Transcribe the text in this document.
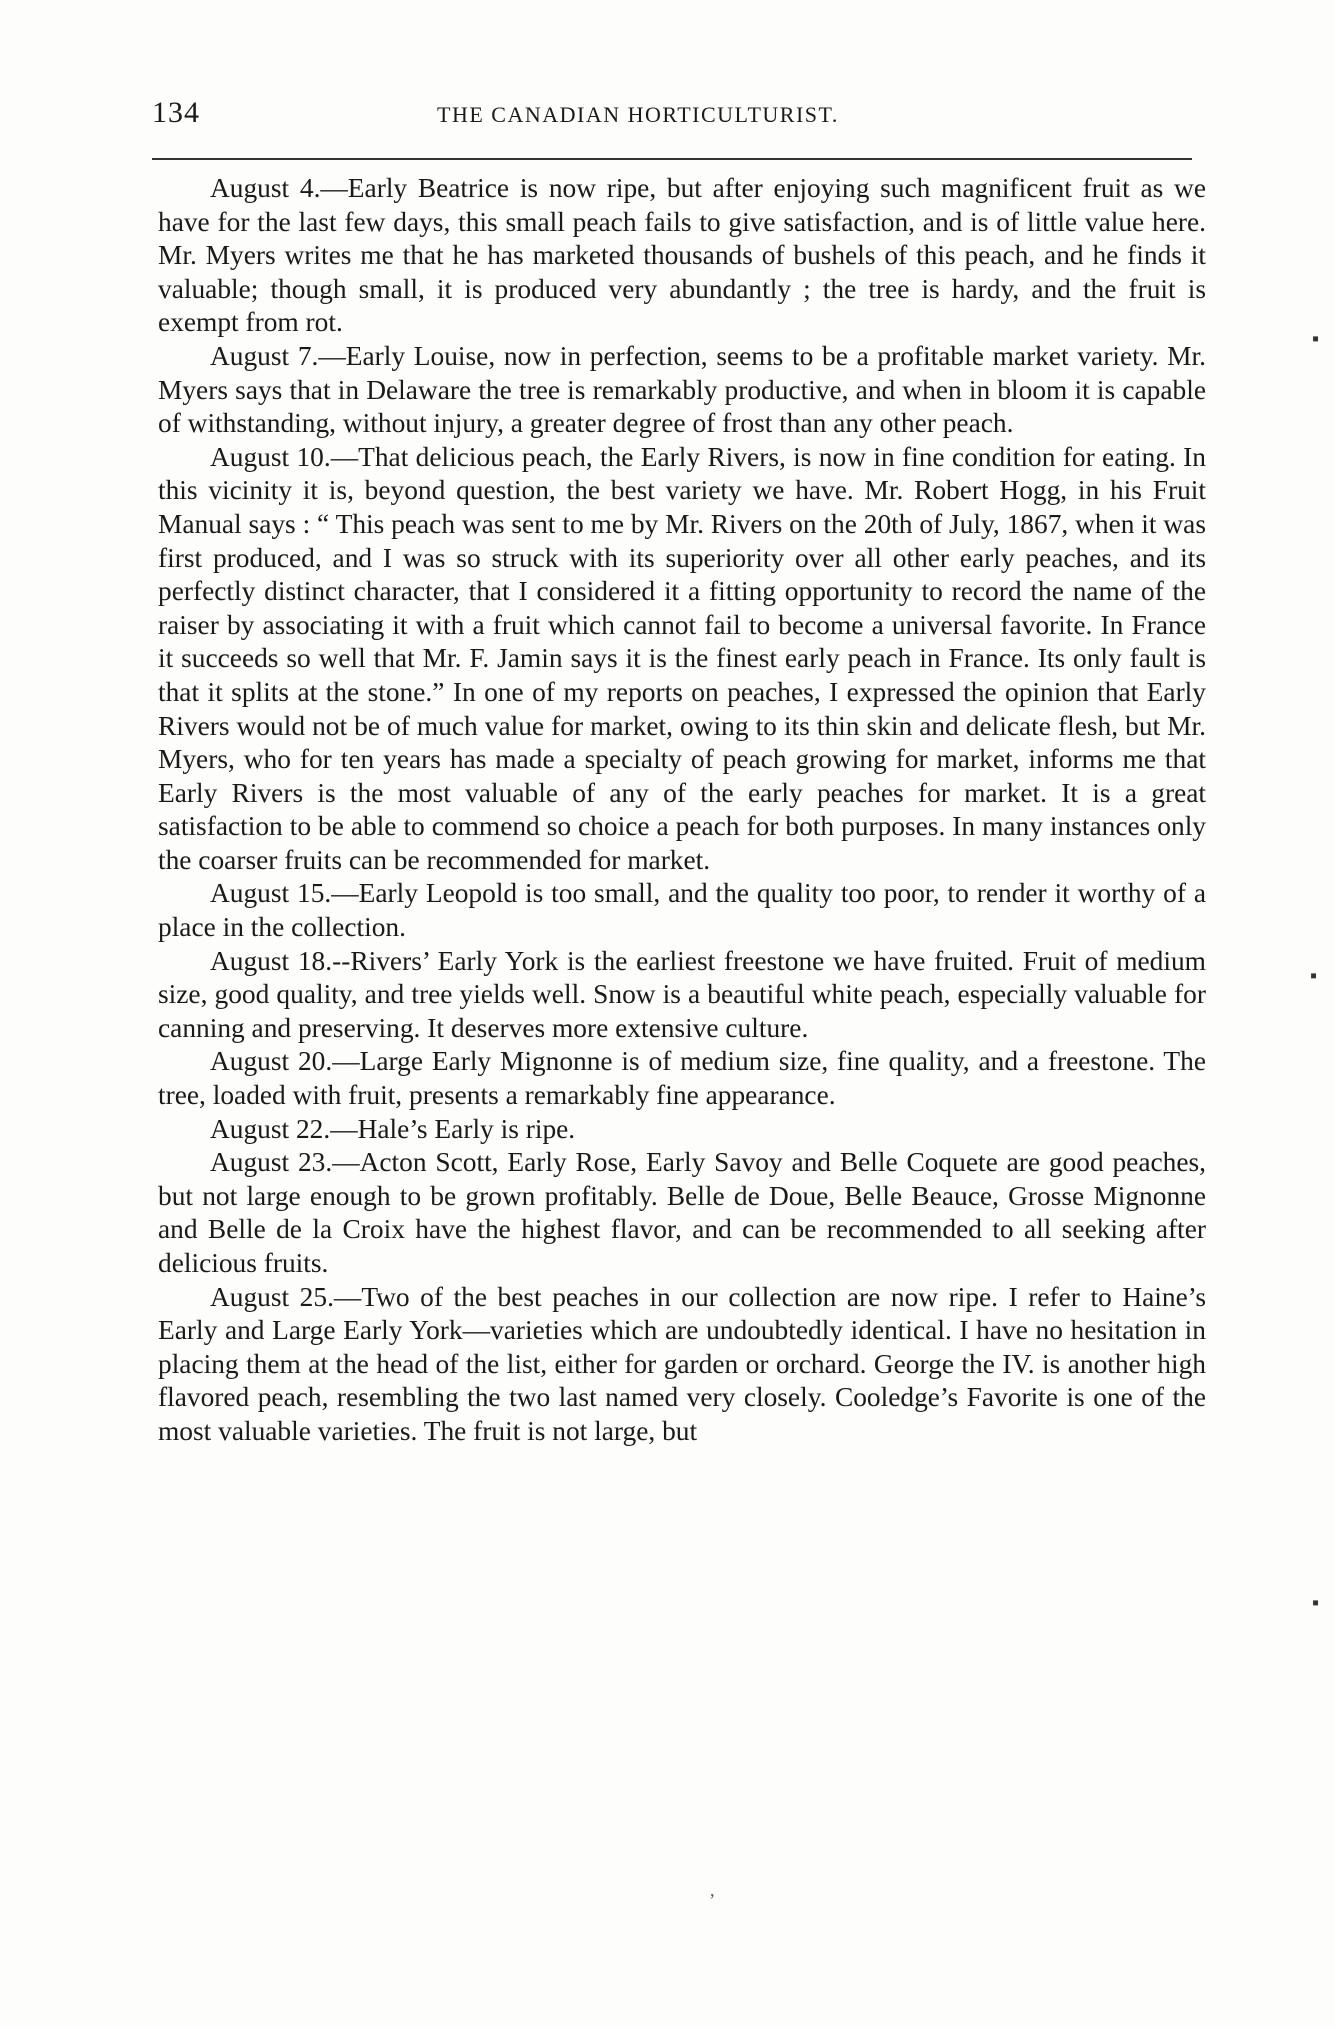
134	THE CANADIAN HORTICULTURIST.

August 4.—Early Beatrice is now ripe, but after enjoying such magnificent fruit as we have for the last few days, this small peach fails to give satisfaction, and is of little value here. Mr. Myers writes me that he has marketed thousands of bushels of this peach, and he finds it valuable; though small, it is produced very abundantly ; the tree is hardy, and the fruit is exempt from rot.

August 7.—Early Louise, now in perfection, seems to be a profitable market variety. Mr. Myers says that in Delaware the tree is remarkably productive, and when in bloom it is capable of withstanding, without injury, a greater degree of frost than any other peach.

August 10.—That delicious peach, the Early Rivers, is now in fine condition for eating. In this vicinity it is, beyond question, the best variety we have. Mr. Robert Hogg, in his Fruit Manual says : “ This peach was sent to me by Mr. Rivers on the 20th of July, 1867, when it was first produced, and I was so struck with its superiority over all other early peaches, and its perfectly distinct character, that I considered it a fitting opportunity to record the name of the raiser by associating it with a fruit which cannot fail to become a universal favorite. In France it succeeds so well that Mr. F. Jamin says it is the finest early peach in France. Its only fault is that it splits at the stone.” In one of my reports on peaches, I expressed the opinion that Early Rivers would not be of much value for market, owing to its thin skin and delicate flesh, but Mr. Myers, who for ten years has made a specialty of peach growing for market, informs me that Early Rivers is the most valuable of any of the early peaches for market. It is a great satisfaction to be able to commend so choice a peach for both purposes. In many instances only the coarser fruits can be recommended for market.

August 15.—Early Leopold is too small, and the quality too poor, to render it worthy of a place in the collection.

August 18.--Rivers’ Early York is the earliest freestone we have fruited. Fruit of medium size, good quality, and tree yields well. Snow is a beautiful white peach, especially valuable for canning and preserving. It deserves more extensive culture.

August 20.—Large Early Mignonne is of medium size, fine quality, and a freestone. The tree, loaded with fruit, presents a remarkably fine appearance.

August 22.—Hale’s Early is ripe.

August 23.—Acton Scott, Early Rose, Early Savoy and Belle Coquete are good peaches, but not large enough to be grown profitably. Belle de Doue, Belle Beauce, Grosse Mignonne and Belle de la Croix have the highest flavor, and can be recommended to all seeking after delicious fruits.

August 25.—Two of the best peaches in our collection are now ripe. I refer to Haine’s Early and Large Early York—varieties which are undoubtedly identical. I have no hesitation in placing them at the head of the list, either for garden or orchard. George the IV. is another high flavored peach, resembling the two last named very closely. Cooledge’s Favorite is one of the most valuable varieties. The fruit is not large, but

▪
▪
▪
,
